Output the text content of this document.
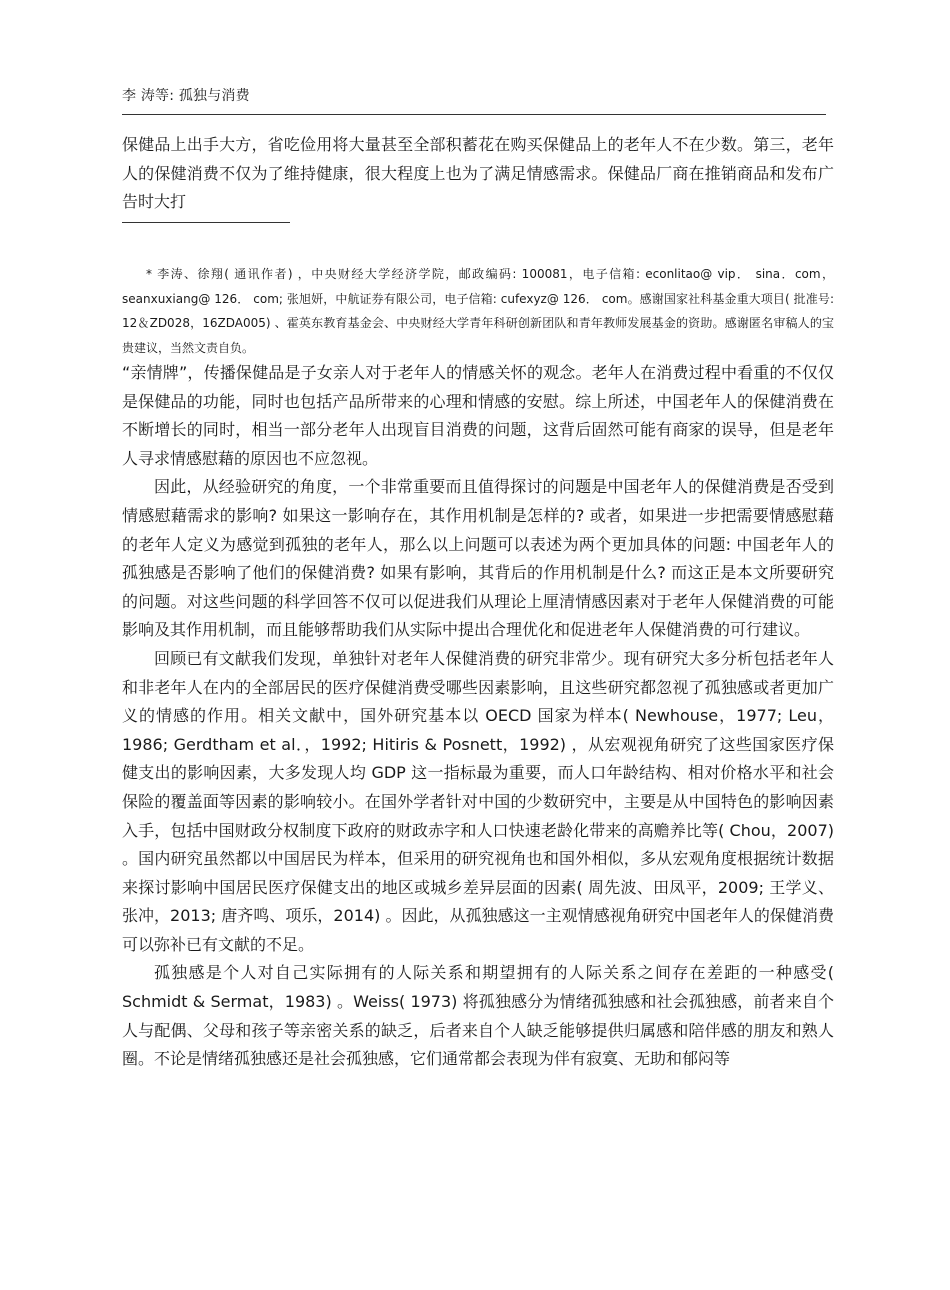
李 涛等: 孤独与消费

保健品上出手大方，省吃俭用将大量甚至全部积蓄花在购买保健品上的老年人不在少数。第三，老年人的保健消费不仅为了维持健康，很大程度上也为了满足情感需求。保健品厂商在推销商品和发布广告时大打

* 李涛、徐翔( 通讯作者) ，中央财经大学经济学院，邮政编码: 100081，电子信箱: econlitao@ vip． sina．com，seanxuxiang@ 126． com; 张旭妍，中航证券有限公司，电子信箱: cufexyz@ 126． com。感谢国家社科基金重大项目( 批准号: 12＆ZD028，16ZDA005) 、霍英东教育基金会、中央财经大学青年科研创新团队和青年教师发展基金的资助。感谢匿名审稿人的宝贵建议，当然文责自负。

“亲情牌”，传播保健品是子女亲人对于老年人的情感关怀的观念。老年人在消费过程中看重的不仅仅是保健品的功能，同时也包括产品所带来的心理和情感的安慰。综上所述，中国老年人的保健消费在不断增长的同时，相当一部分老年人出现盲目消费的问题，这背后固然可能有商家的误导，但是老年人寻求情感慰藉的原因也不应忽视。

因此，从经验研究的角度，一个非常重要而且值得探讨的问题是中国老年人的保健消费是否受到情感慰藉需求的影响? 如果这一影响存在，其作用机制是怎样的? 或者，如果进一步把需要情感慰藉的老年人定义为感觉到孤独的老年人，那么以上问题可以表述为两个更加具体的问题: 中国老年人的孤独感是否影响了他们的保健消费? 如果有影响，其背后的作用机制是什么? 而这正是本文所要研究的问题。对这些问题的科学回答不仅可以促进我们从理论上厘清情感因素对于老年人保健消费的可能影响及其作用机制，而且能够帮助我们从实际中提出合理优化和促进老年人保健消费的可行建议。

回顾已有文献我们发现，单独针对老年人保健消费的研究非常少。现有研究大多分析包括老年人和非老年人在内的全部居民的医疗保健消费受哪些因素影响，且这些研究都忽视了孤独感或者更加广义的情感的作用。相关文献中，国外研究基本以 OECD 国家为样本( Newhouse，1977; Leu，1986; Gerdtham et al．，1992; Hitiris & Posnett，1992) ，从宏观视角研究了这些国家医疗保健支出的影响因素，大多发现人均 GDP 这一指标最为重要，而人口年龄结构、相对价格水平和社会保险的覆盖面等因素的影响较小。在国外学者针对中国的少数研究中，主要是从中国特色的影响因素入手，包括中国财政分权制度下政府的财政赤字和人口快速老龄化带来的高赡养比等( Chou，2007) 。国内研究虽然都以中国居民为样本，但采用的研究视角也和国外相似，多从宏观角度根据统计数据来探讨影响中国居民医疗保健支出的地区或城乡差异层面的因素( 周先波、田凤平，2009; 王学义、张冲，2013; 唐齐鸣、项乐，2014) 。因此，从孤独感这一主观情感视角研究中国老年人的保健消费可以弥补已有文献的不足。

孤独感是个人对自己实际拥有的人际关系和期望拥有的人际关系之间存在差距的一种感受( Schmidt & Sermat，1983) 。Weiss( 1973) 将孤独感分为情绪孤独感和社会孤独感，前者来自个人与配偶、父母和孩子等亲密关系的缺乏，后者来自个人缺乏能够提供归属感和陪伴感的朋友和熟人圈。不论是情绪孤独感还是社会孤独感，它们通常都会表现为伴有寂寞、无助和郁闷等
